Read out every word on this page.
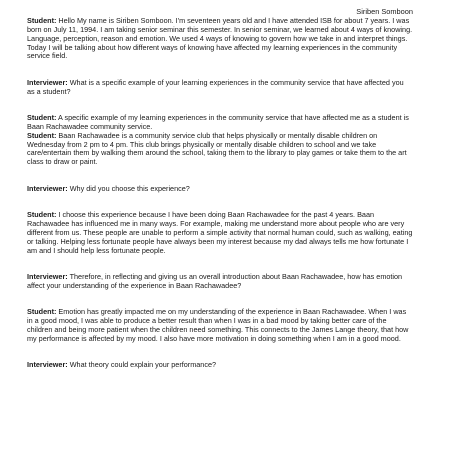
Siriben Somboon

Student: Hello My name is Siriben Somboon. I'm seventeen years old and I have attended ISB for about 7 years. I was born on July 11, 1994. I am taking senior seminar this semester. In senior seminar, we learned about 4 ways of knowing. Language, perception, reason and emotion. We used 4 ways of knowing to govern how we take in and interpret things. Today I will be talking about how different ways of knowing have affected my learning experiences in the community service field.

Interviewer: What is a specific example of your learning experiences in the community service that have affected you as a student?

Student: A specific example of my learning experiences in the community service that have affected me as a student is Baan Rachawadee community service.

Student: Baan Rachawadee is a community service club that helps physically or mentally disable children on Wednesday from 2 pm to 4 pm. This club brings physically or mentally disable children to school and we take care/entertain them by walking them around the school, taking them to the library to play games or take them to the art class to draw or paint.

Interviewer: Why did you choose this experience?

Student: I choose this experience because I have been doing Baan Rachawadee for the past 4 years. Baan Rachawadee has influenced me in many ways. For example, making me understand more about people who are very different from us. These people are unable to perform a simple activity that normal human could, such as walking, eating or talking. Helping less fortunate people have always been my interest because my dad always tells me how fortunate I am and I should help less fortunate people.

Interviewer: Therefore, in reflecting and giving us an overall introduction about Baan Rachawadee, how has emotion affect your understanding of the experience in Baan Rachawadee?

Student: Emotion has greatly impacted me on my understanding of the experience in Baan Rachawadee. When I was in a good mood, I was able to produce a better result than when I was in a bad mood by taking better care of the children and being more patient when the children need something. This connects to the James Lange theory, that how my performance is affected by my mood. I also have more motivation in doing something when I am in a good mood.

Interviewer: What theory could explain your performance?
